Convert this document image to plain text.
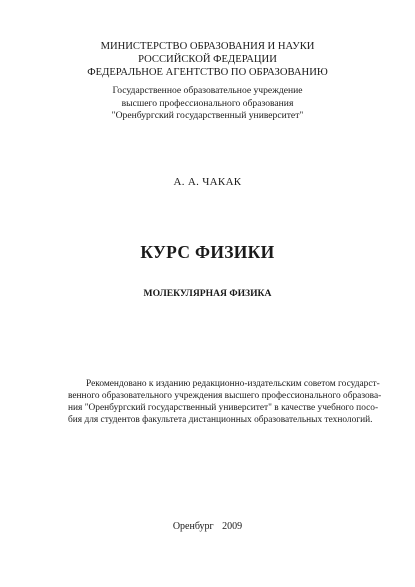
МИНИСТЕРСТВО ОБРАЗОВАНИЯ И НАУКИ
РОССИЙСКОЙ ФЕДЕРАЦИИ
ФЕДЕРАЛЬНОЕ АГЕНТСТВО ПО ОБРАЗОВАНИЮ
Государственное образовательное учреждение
высшего профессионального образования
"Оренбургский государственный университет"
А. А. ЧАКАК
КУРС ФИЗИКИ
МОЛЕКУЛЯРНАЯ ФИЗИКА
Рекомендовано к изданию редакционно-издательским советом государст-
венного образовательного учреждения высшего профессионального образова-
ния "Оренбургский государственный университет" в качестве учебного посо-
бия для студентов факультета дистанционных образовательных технологий.
Оренбург 2009
